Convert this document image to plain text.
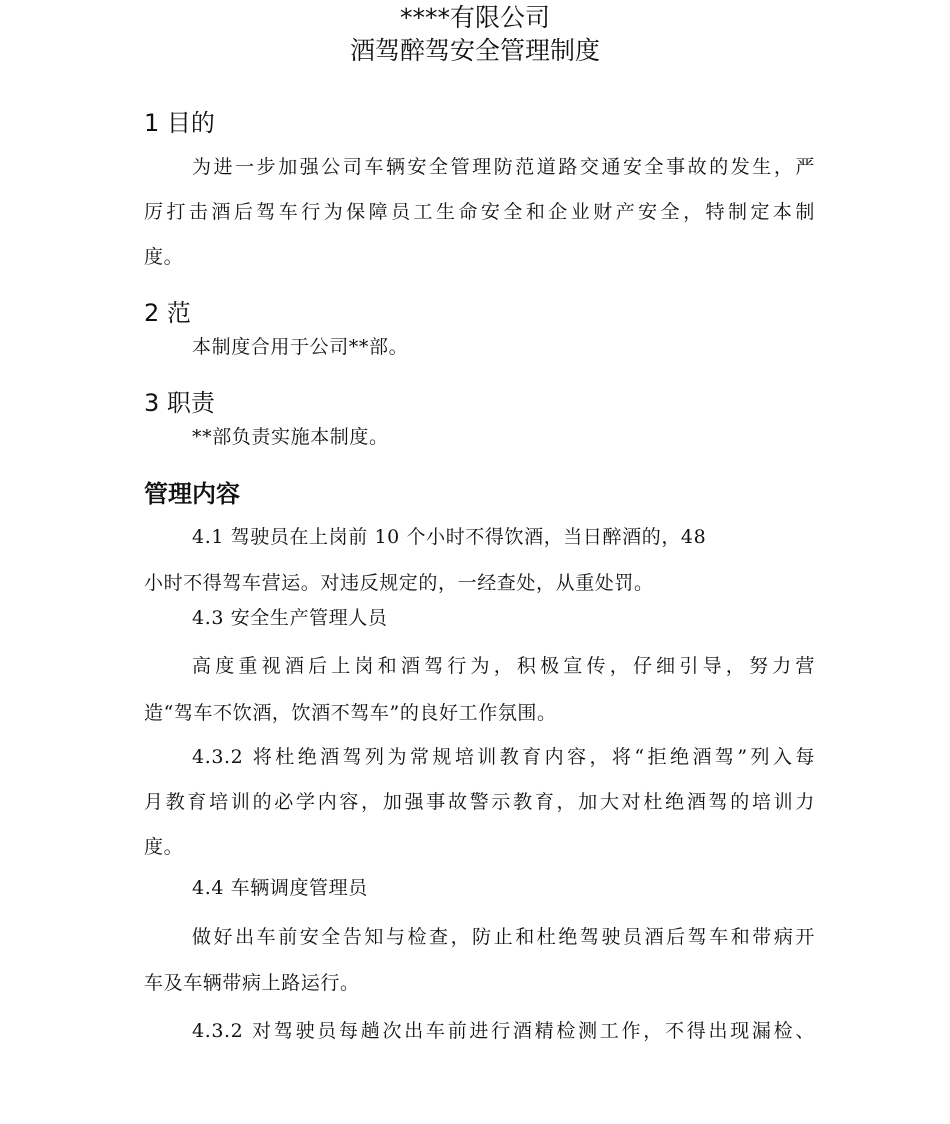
****有限公司
酒驾醉驾安全管理制度
1 目的
为进一步加强公司车辆安全管理防范道路交通安全事故的发生，严
厉打击酒后驾车行为保障员工生命安全和企业财产安全，特制定本制
度。
2 范
本制度合用于公司**部。
3 职责
**部负责实施本制度。
管理内容
4.1 驾驶员在上岗前 10 个小时不得饮酒，当日醉酒的，48
小时不得驾车营运。对违反规定的，一经查处，从重处罚。
4.3 安全生产管理人员
高度重视酒后上岗和酒驾行为，积极宣传，仔细引导，努力营
造“驾车不饮酒，饮酒不驾车”的良好工作氛围。
4.3.2 将杜绝酒驾列为常规培训教育内容，将“拒绝酒驾”列入每
月教育培训的必学内容，加强事故警示教育，加大对杜绝酒驾的培训力
度。
4.4 车辆调度管理员
做好出车前安全告知与检查，防止和杜绝驾驶员酒后驾车和带病开
车及车辆带病上路运行。
4.3.2 对驾驶员每趟次出车前进行酒精检测工作，不得出现漏检、
